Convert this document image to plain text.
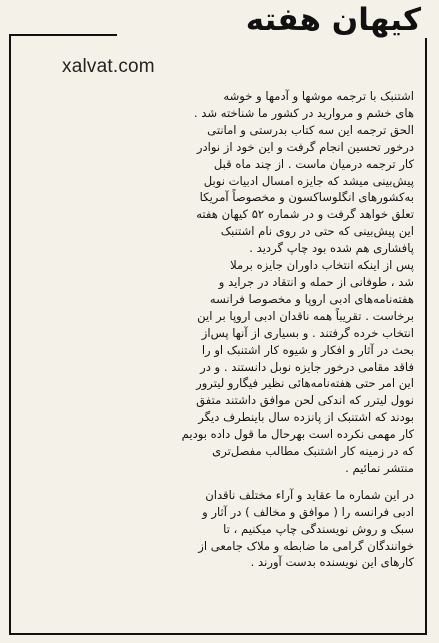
کیهان هفته
xalvat.com

اشتنبک با ترجمه موشها و آدمها و خوشه
های خشم و مروارید در کشور ما شناخته شد .
الحق ترجمه این سه کتاب بدرستی و امانتی
درخور تحسین انجام گرفت و این خود از نوادر
کار ترجمه درمیان ماست . از چند ماه قبل
پیش‌بینی میشد که جایزه امسال ادبیات نوبل
به‌کشورهای انگلوساکسون و مخصوصاً آمریکا
تعلق خواهد گرفت و در شماره ۵۲ کیهان هفته
این پیش‌بینی که حتی در روی نام اشتنبک
پافشاری هم شده بود چاپ گردید .

پس از اینکه انتخاب داوران جایزه برملا
شد ، طوفانی از حمله و انتقاد در جراید و
هفته‌نامه‌های ادبی اروپا و مخصوصا فرانسه
برخاست . تقریباً همه ناقدان ادبی اروپا بر این
انتخاب خرده گرفتند . و بسیاری از آنها پس‌از
بحث در آثار و افکار و شیوه کار اشتنبک او را
فاقد مقامی درخور جایزه نوبل دانستند . و در
این امر حتی هفته‌نامه‌هائی نظیر فیگارو لیترور
نوول لیترر که اندکی لحن موافق داشتند متفق
بودند که اشتنبک از پانزده سال باینطرف دیگر
کار مهمی نکرده است بهرحال ما قول داده بودیم
که در زمینه کار اشتنبک مطالب مفصل‌تری
منتشر نمائیم .

در این شماره ما عقاید و آراء مختلف ناقدان
ادبی فرانسه را ( موافق و مخالف ) در آثار و
سبک و روش نویسندگی چاپ میکنیم ، تا
خوانندگان گرامی ما ضابطه و ملاک جامعی از
کارهای این نویسنده بدست آورند .
